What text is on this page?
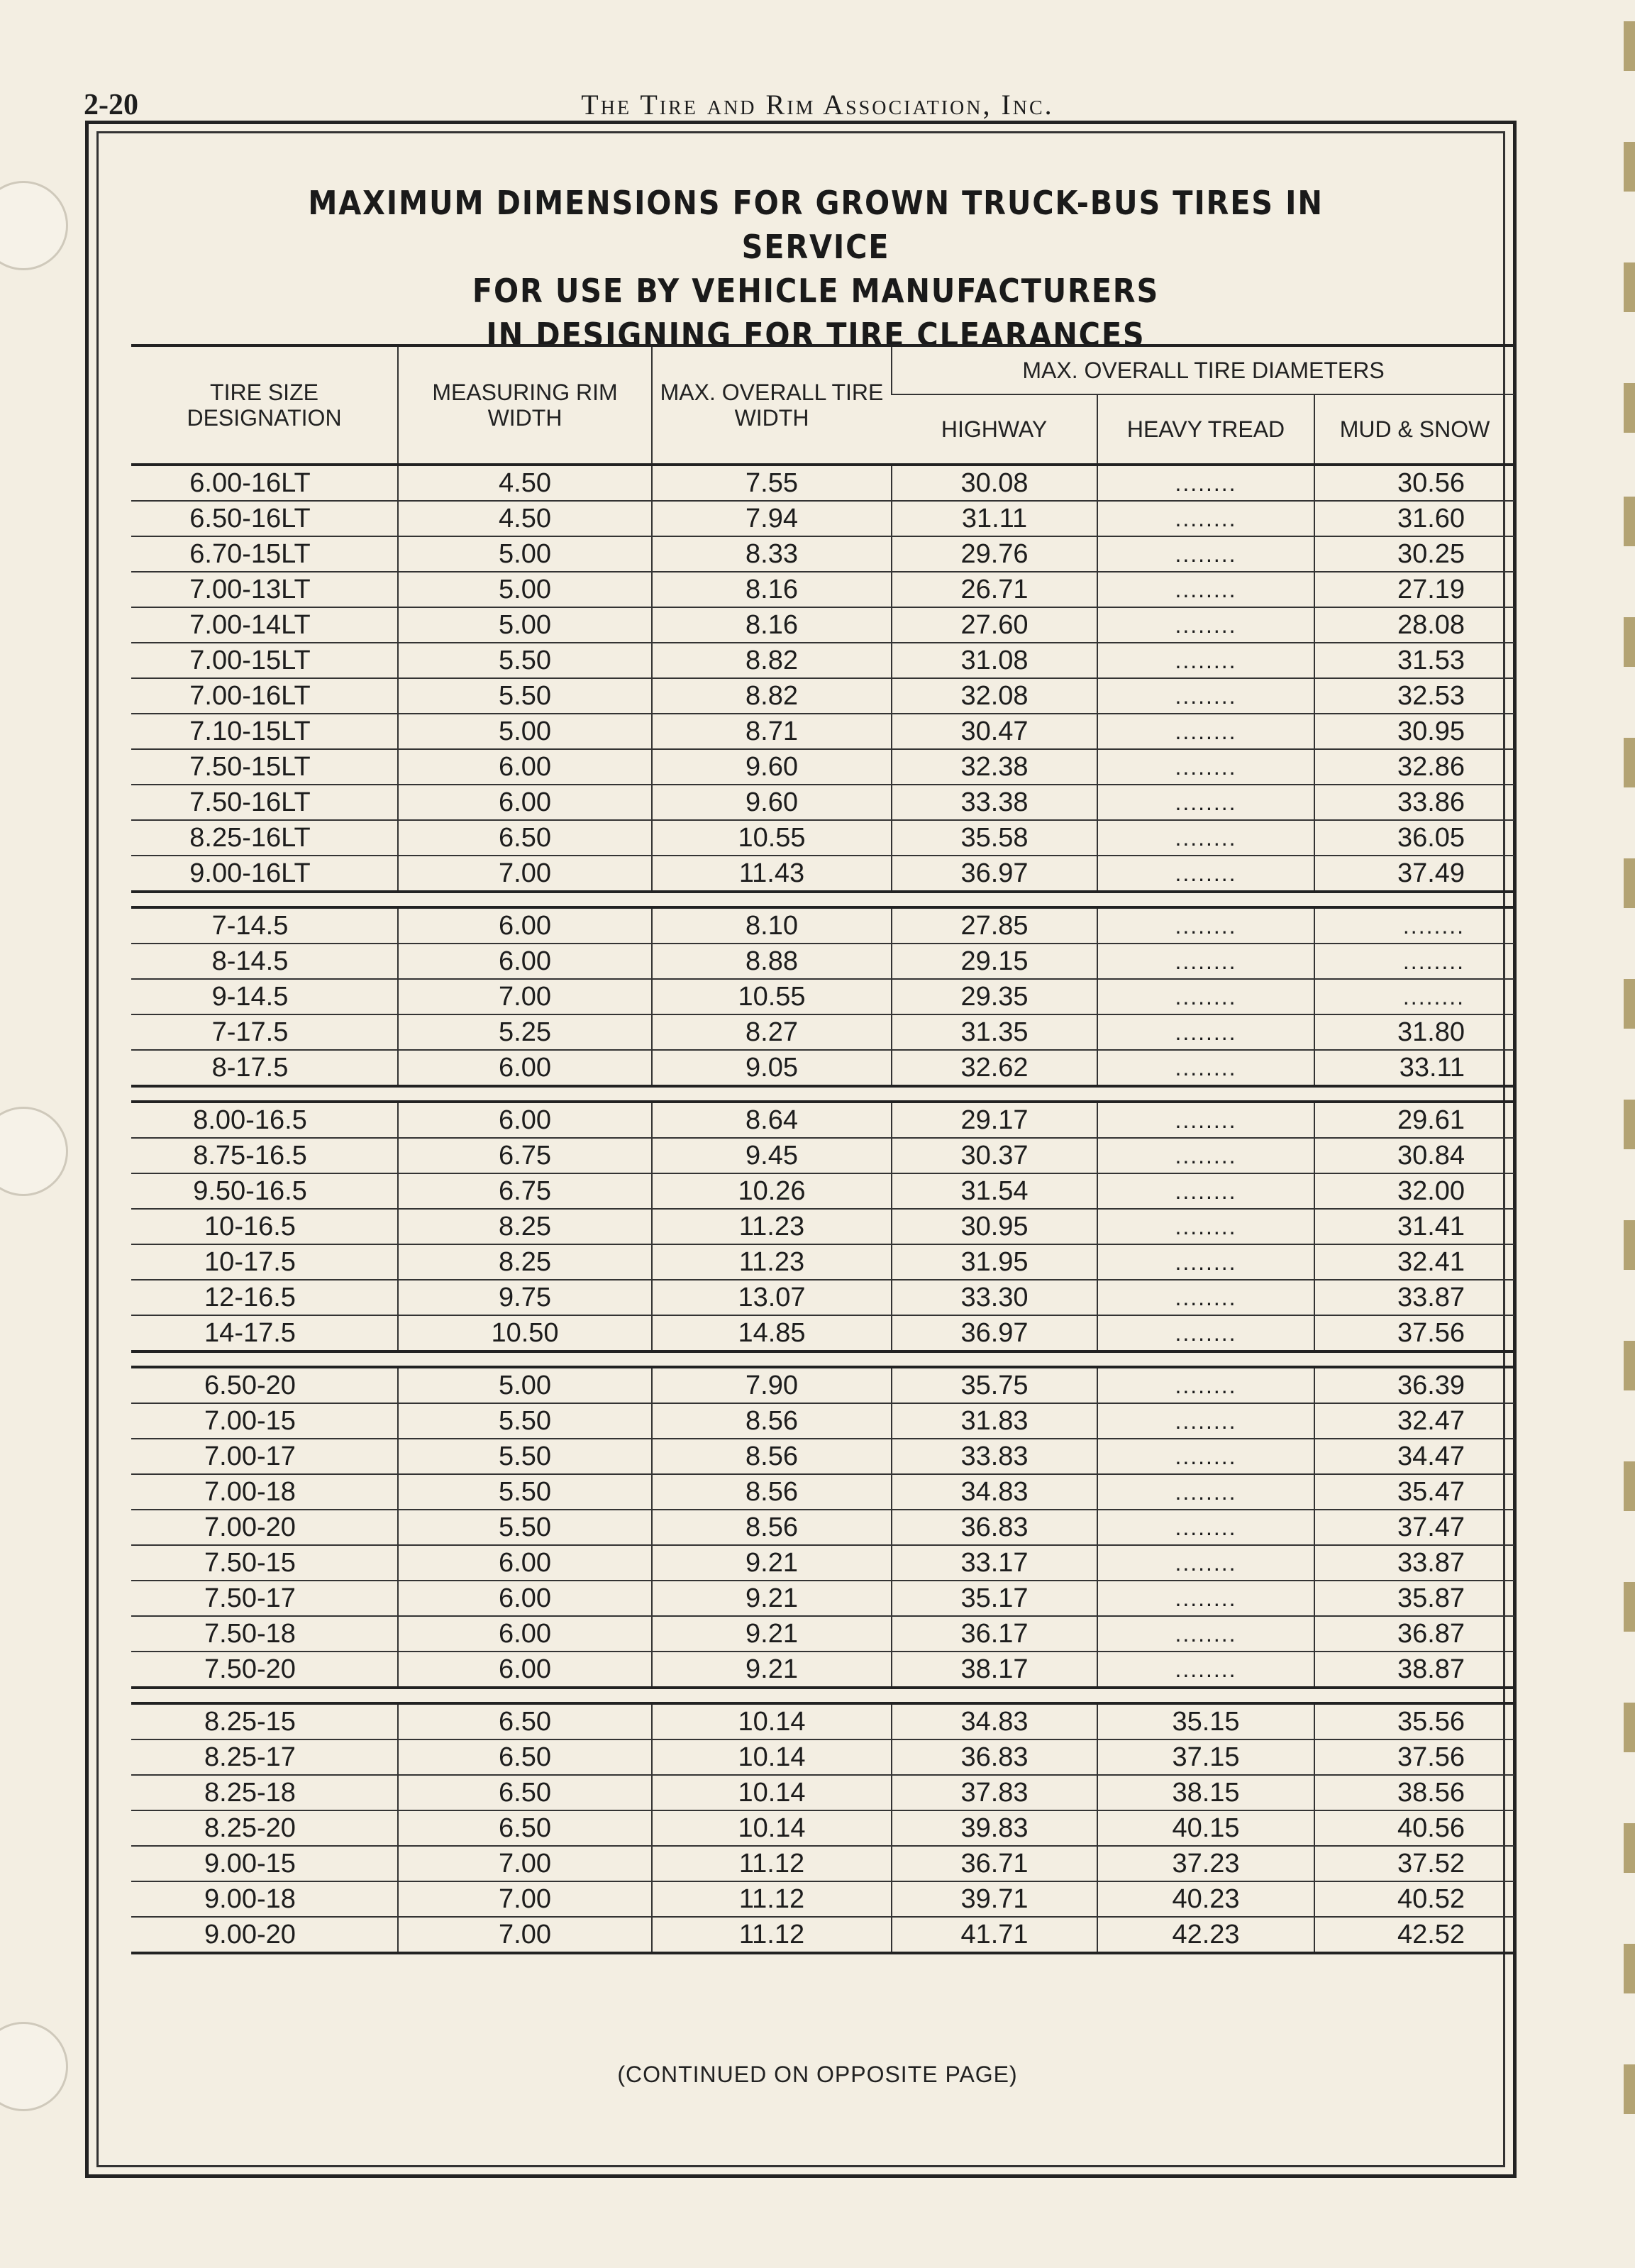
2-20	The Tire and Rim Association, Inc.
MAXIMUM DIMENSIONS FOR GROWN TRUCK-BUS TIRES IN SERVICE
FOR USE BY VEHICLE MANUFACTURERS
IN DESIGNING FOR TIRE CLEARANCES
TIRE SIZE DESIGNATION	MEASURING RIM WIDTH	MAX. OVERALL TIRE WIDTH	MAX. OVERALL TIRE DIAMETERS		
			HIGHWAY	HEAVY TREAD	MUD & SNOW
6.00-16LT	4.50	7.55	30.08	........	30.56
6.50-16LT	4.50	7.94	31.11	........	31.60
6.70-15LT	5.00	8.33	29.76	........	30.25
7.00-13LT	5.00	8.16	26.71	........	27.19
7.00-14LT	5.00	8.16	27.60	........	28.08
7.00-15LT	5.50	8.82	31.08	........	31.53
7.00-16LT	5.50	8.82	32.08	........	32.53
7.10-15LT	5.00	8.71	30.47	........	30.95
7.50-15LT	6.00	9.60	32.38	........	32.86
7.50-16LT	6.00	9.60	33.38	........	33.86
8.25-16LT	6.50	10.55	35.58	........	36.05
9.00-16LT	7.00	11.43	36.97	........	37.49

7-14.5	6.00	8.10	27.85	........	........
8-14.5	6.00	8.88	29.15	........	........
9-14.5	7.00	10.55	29.35	........	........
7-17.5	5.25	8.27	31.35	........	31.80
8-17.5	6.00	9.05	32.62	........	33.11

8.00-16.5	6.00	8.64	29.17	........	29.61
8.75-16.5	6.75	9.45	30.37	........	30.84
9.50-16.5	6.75	10.26	31.54	........	32.00
10-16.5	8.25	11.23	30.95	........	31.41
10-17.5	8.25	11.23	31.95	........	32.41
12-16.5	9.75	13.07	33.30	........	33.87
14-17.5	10.50	14.85	36.97	........	37.56

6.50-20	5.00	7.90	35.75	........	36.39
7.00-15	5.50	8.56	31.83	........	32.47
7.00-17	5.50	8.56	33.83	........	34.47
7.00-18	5.50	8.56	34.83	........	35.47
7.00-20	5.50	8.56	36.83	........	37.47
7.50-15	6.00	9.21	33.17	........	33.87
7.50-17	6.00	9.21	35.17	........	35.87
7.50-18	6.00	9.21	36.17	........	36.87
7.50-20	6.00	9.21	38.17	........	38.87

8.25-15	6.50	10.14	34.83	35.15	35.56
8.25-17	6.50	10.14	36.83	37.15	37.56
8.25-18	6.50	10.14	37.83	38.15	38.56
8.25-20	6.50	10.14	39.83	40.15	40.56
9.00-15	7.00	11.12	36.71	37.23	37.52
9.00-18	7.00	11.12	39.71	40.23	40.52
9.00-20	7.00	11.12	41.71	42.23	42.52
(CONTINUED ON OPPOSITE PAGE)
